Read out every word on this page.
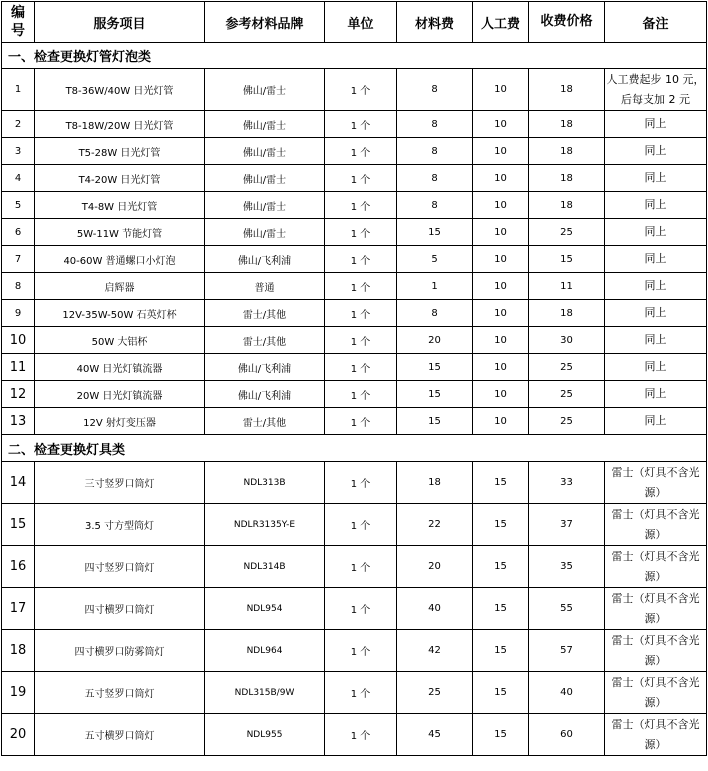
编号	服务项目	参考材料品牌	单位	材料费	人工费	收费价格	备注
一、检查更换灯管灯泡类							
1	T8-36W/40W 日光灯管	佛山/雷士	1 个	8	10	18	人工费起步 10 元，后每支加 2 元
2	T8-18W/20W 日光灯管	佛山/雷士	1 个	8	10	18	同上
3	T5-28W 日光灯管	佛山/雷士	1 个	8	10	18	同上
4	T4-20W 日光灯管	佛山/雷士	1 个	8	10	18	同上
5	T4-8W 日光灯管	佛山/雷士	1 个	8	10	18	同上
6	5W-11W 节能灯管	佛山/雷士	1 个	15	10	25	同上
7	40-60W 普通螺口小灯泡	佛山/飞利浦	1 个	5	10	15	同上
8	启辉器	普通	1 个	1	10	11	同上
9	12V-35W-50W 石英灯杯	雷士/其他	1 个	8	10	18	同上
10	50W 大铝杯	雷士/其他	1 个	20	10	30	同上
11	40W 日光灯镇流器	佛山/飞利浦	1 个	15	10	25	同上
12	20W 日光灯镇流器	佛山/飞利浦	1 个	15	10	25	同上
13	12V 射灯变压器	雷士/其他	1 个	15	10	25	同上
二、检查更换灯具类							
14	三寸竖罗口筒灯	NDL313B	1 个	18	15	33	雷士（灯具不含光源）
15	3.5 寸方型筒灯	NDLR3135Y-E	1 个	22	15	37	雷士（灯具不含光源）
16	四寸竖罗口筒灯	NDL314B	1 个	20	15	35	雷士（灯具不含光源）
17	四寸横罗口筒灯	NDL954	1 个	40	15	55	雷士（灯具不含光源）
18	四寸横罗口防雾筒灯	NDL964	1 个	42	15	57	雷士（灯具不含光源）
19	五寸竖罗口筒灯	NDL315B/9W	1 个	25	15	40	雷士（灯具不含光源）
20	五寸横罗口筒灯	NDL955	1 个	45	15	60	雷士（灯具不含光源）
